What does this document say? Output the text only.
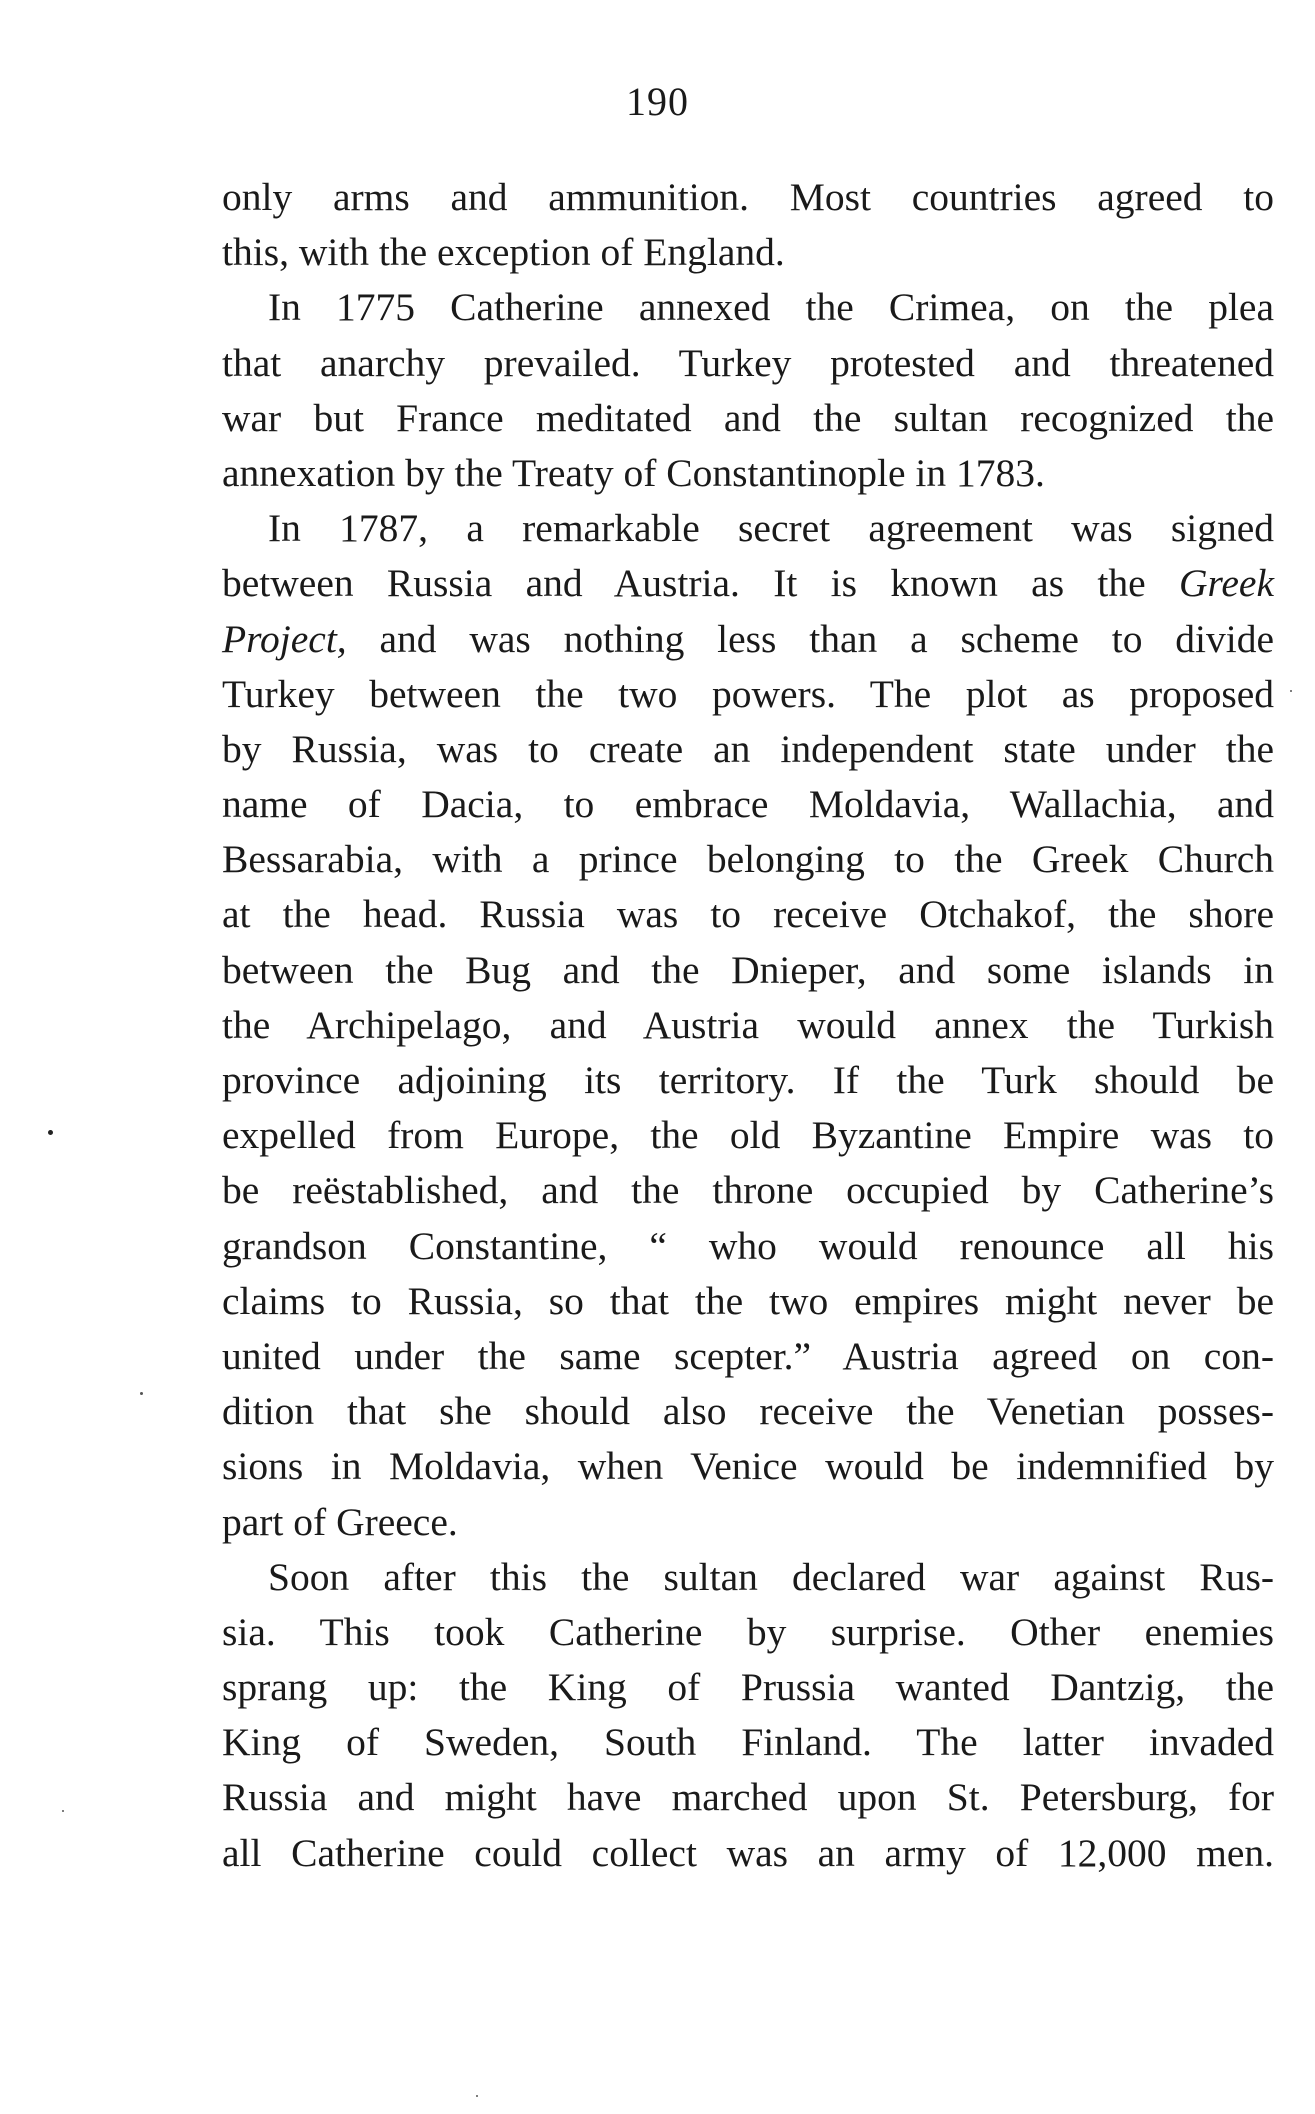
190
only arms and ammunition. Most countries agreed to
this, with the exception of England.
In 1775 Catherine annexed the Crimea, on the plea
that anarchy prevailed. Turkey protested and threatened
war but France meditated and the sultan recognized the
annexation by the Treaty of Constantinople in 1783.
In 1787, a remarkable secret agreement was signed
between Russia and Austria. It is known as the Greek
Project, and was nothing less than a scheme to divide
Turkey between the two powers. The plot as proposed
by Russia, was to create an independent state under the
name of Dacia, to embrace Moldavia, Wallachia, and
Bessarabia, with a prince belonging to the Greek Church
at the head. Russia was to receive Otchakof, the shore
between the Bug and the Dnieper, and some islands in
the Archipelago, and Austria would annex the Turkish
province adjoining its territory. If the Turk should be
expelled from Europe, the old Byzantine Empire was to
be reëstablished, and the throne occupied by Catherine’s
grandson Constantine, “ who would renounce all his
claims to Russia, so that the two empires might never be
united under the same scepter.” Austria agreed on con-
dition that she should also receive the Venetian posses-
sions in Moldavia, when Venice would be indemnified by
part of Greece.
Soon after this the sultan declared war against Rus-
sia. This took Catherine by surprise. Other enemies
sprang up: the King of Prussia wanted Dantzig, the
King of Sweden, South Finland. The latter invaded
Russia and might have marched upon St. Petersburg, for
all Catherine could collect was an army of 12,000 men.
